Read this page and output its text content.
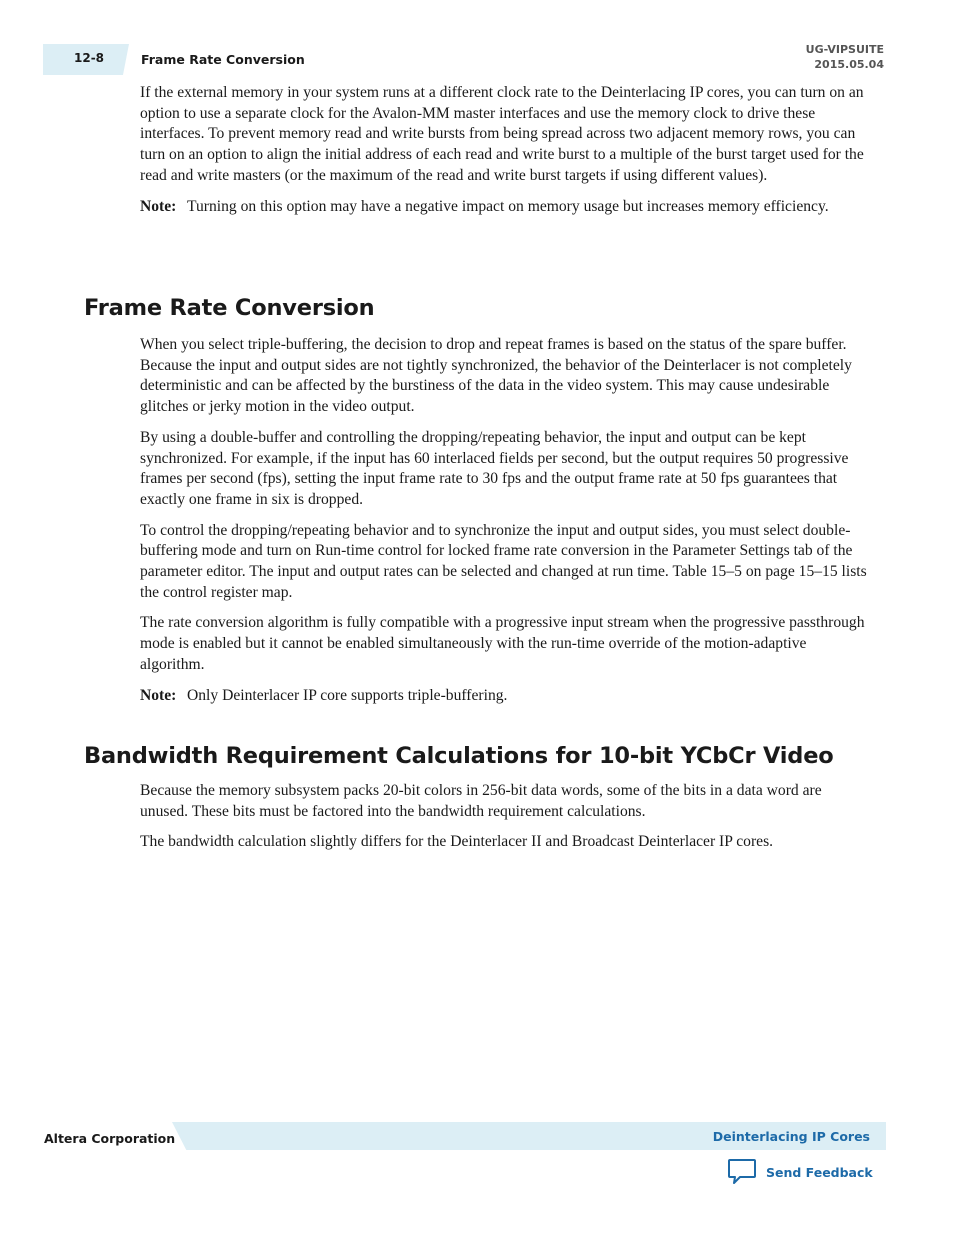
12-8	Frame Rate Conversion
UG-VIPSUITE
2015.05.04

If the external memory in your system runs at a different clock rate to the Deinterlacing IP cores, you can turn on an option to use a separate clock for the Avalon-MM master interfaces and use the memory clock to drive these interfaces. To prevent memory read and write bursts from being spread across two adjacent memory rows, you can turn on an option to align the initial address of each read and write burst to a multiple of the burst target used for the read and write masters (or the maximum of the read and write burst targets if using different values).

Note: Turning on this option may have a negative impact on memory usage but increases memory efficiency.
Frame Rate Conversion

When you select triple-buffering, the decision to drop and repeat frames is based on the status of the spare buffer. Because the input and output sides are not tightly synchronized, the behavior of the Deinterlacer is not completely deterministic and can be affected by the burstiness of the data in the video system. This may cause undesirable glitches or jerky motion in the video output.

By using a double-buffer and controlling the dropping/repeating behavior, the input and output can be kept synchronized. For example, if the input has 60 interlaced fields per second, but the output requires 50 progressive frames per second (fps), setting the input frame rate to 30 fps and the output frame rate at 50 fps guarantees that exactly one frame in six is dropped.

To control the dropping/repeating behavior and to synchronize the input and output sides, you must select double-buffering mode and turn on Run-time control for locked frame rate conversion in the Parameter Settings tab of the parameter editor. The input and output rates can be selected and changed at run time. Table 15–5 on page 15–15 lists the control register map.

The rate conversion algorithm is fully compatible with a progressive input stream when the progressive passthrough mode is enabled but it cannot be enabled simultaneously with the run-time override of the motion-adaptive algorithm.

Note: Only Deinterlacer IP core supports triple-buffering.
Bandwidth Requirement Calculations for 10-bit YCbCr Video

Because the memory subsystem packs 20-bit colors in 256-bit data words, some of the bits in a data word are unused. These bits must be factored into the bandwidth requirement calculations.

The bandwidth calculation slightly differs for the Deinterlacer II and Broadcast Deinterlacer IP cores.

Altera Corporation	Deinterlacing IP Cores
Send Feedback
